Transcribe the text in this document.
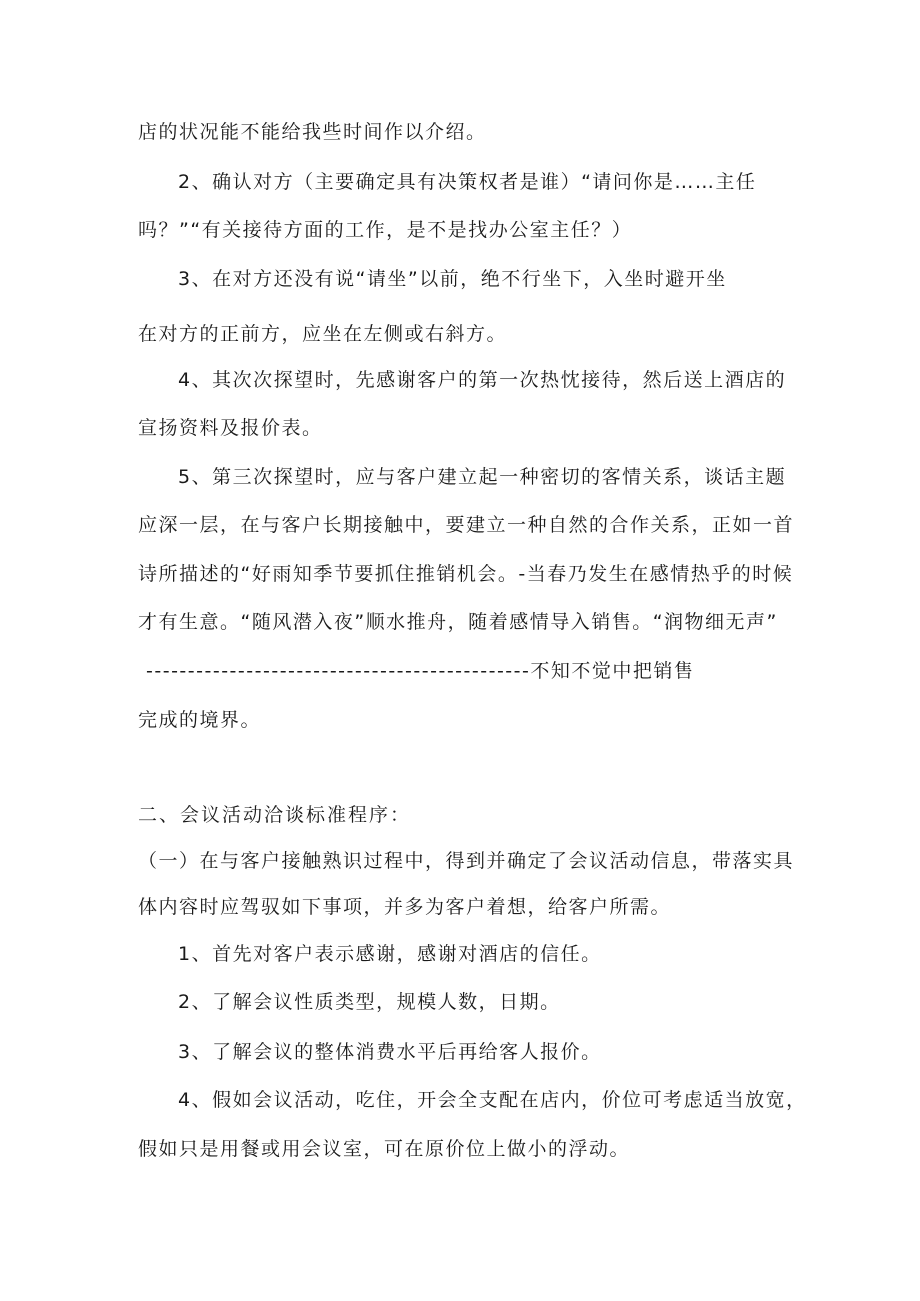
店的状况能不能给我些时间作以介绍。
2、确认对方（主要确定具有决策权者是谁）“请问你是……主任
吗？”“有关接待方面的工作，是不是找办公室主任？）
3、在对方还没有说“请坐”以前，绝不行坐下，入坐时避开坐
在对方的正前方，应坐在左侧或右斜方。
4、其次次探望时，先感谢客户的第一次热忱接待，然后送上酒店的
宣扬资料及报价表。
5、第三次探望时，应与客户建立起一种密切的客情关系，谈话主题
应深一层，在与客户长期接触中，要建立一种自然的合作关系，正如一首
诗所描述的“好雨知季节要抓住推销机会。-当春乃发生在感情热乎的时候
才有生意。“随风潜入夜”顺水推舟，随着感情导入销售。“润物细无声”
----------------------------------------------不知不觉中把销售
完成的境界。
二、会议活动洽谈标准程序：
（一）在与客户接触熟识过程中，得到并确定了会议活动信息，带落实具
体内容时应驾驭如下事项，并多为客户着想，给客户所需。
1、首先对客户表示感谢，感谢对酒店的信任。
2、了解会议性质类型，规模人数，日期。
3、了解会议的整体消费水平后再给客人报价。
4、假如会议活动，吃住，开会全支配在店内，价位可考虑适当放宽，
假如只是用餐或用会议室，可在原价位上做小的浮动。
